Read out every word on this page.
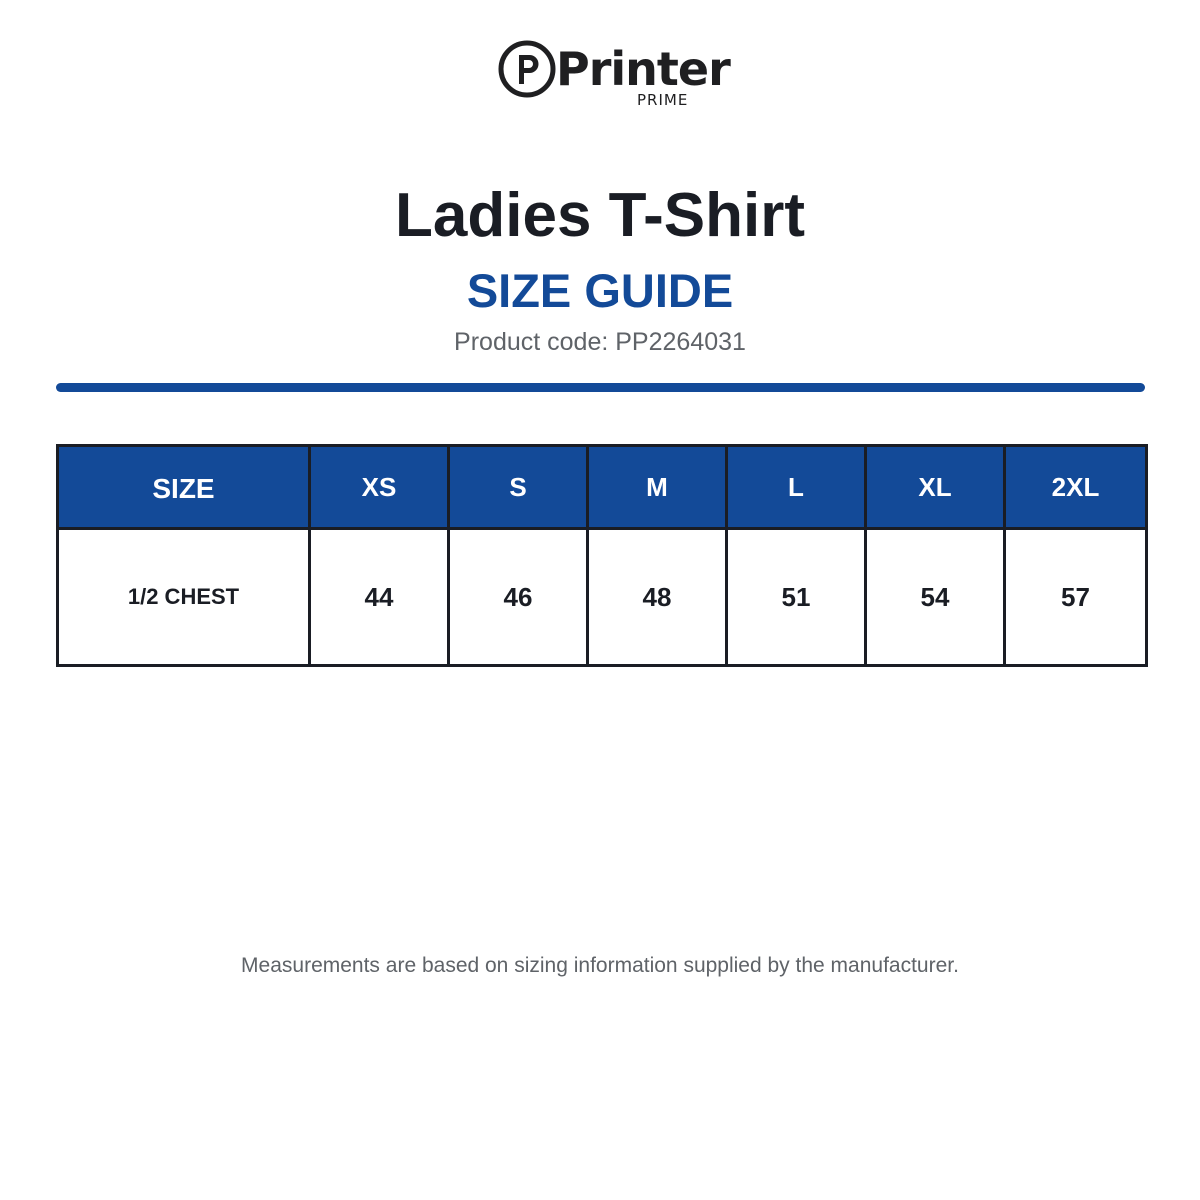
Printer
PRIME
Ladies T-Shirt
SIZE GUIDE
Product code: PP2264031
SIZE	XS	S	M	L	XL	2XL
1/2 CHEST	44	46	48	51	54	57
Measurements are based on sizing information supplied by the manufacturer.
